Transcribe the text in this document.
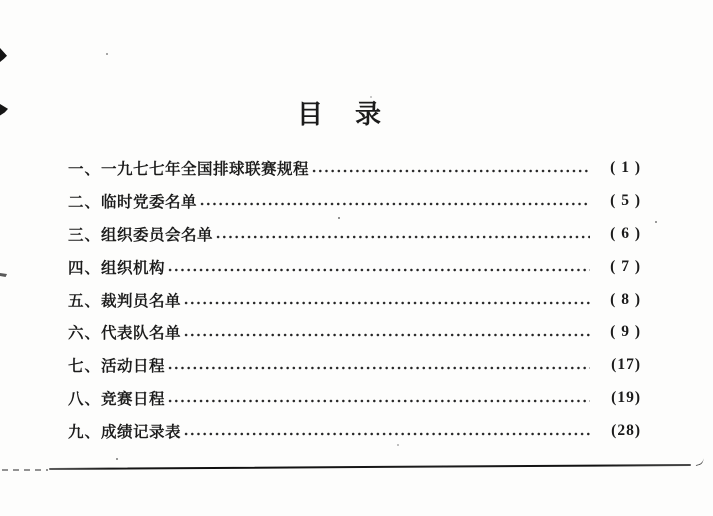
目 录
一、 一九七七年全国排球联赛规程	( 1 )
二、 临时党委名单	( 5 )
三、 组织委员会名单	( 6 )
四、 组织机构	( 7 )
五、 裁判员名单	( 8 )
六、 代表队名单	( 9 )
七、 活动日程	(17)
八、 竞赛日程	(19)
九、 成绩记录表	(28)
